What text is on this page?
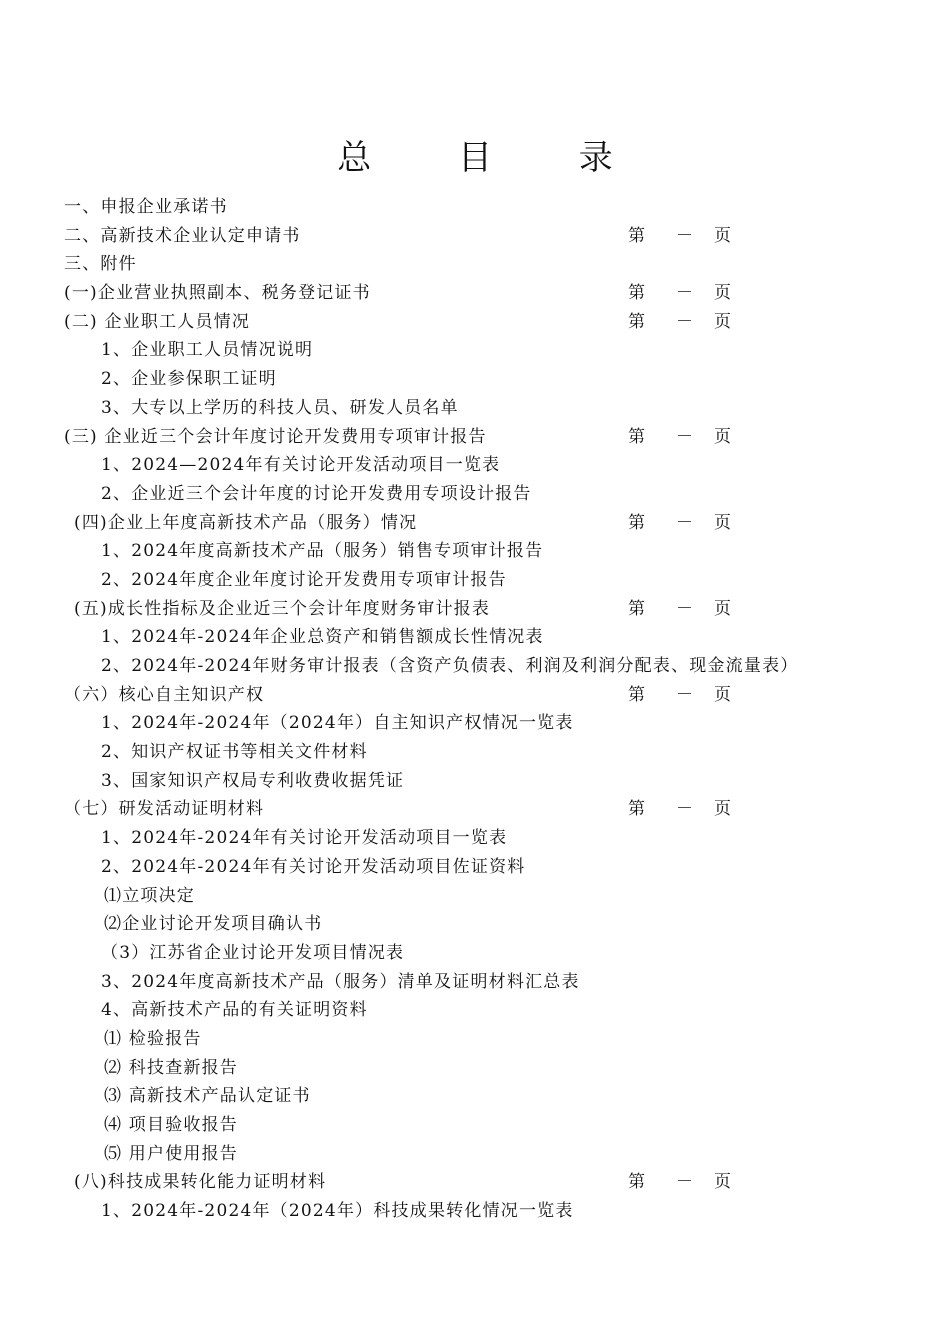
总 目 录
一、申报企业承诺书
二、高新技术企业认定申请书	第 － 页
三、附件
(一)企业营业执照副本、税务登记证书	第 － 页
(二) 企业职工人员情况	第 － 页
1、企业职工人员情况说明
2、企业参保职工证明
3、大专以上学历的科技人员、研发人员名单
(三) 企业近三个会计年度讨论开发费用专项审计报告	第 － 页
1、2024—2024年有关讨论开发活动项目一览表
2、企业近三个会计年度的讨论开发费用专项设计报告
(四)企业上年度高新技术产品（服务）情况	第 － 页
1、2024年度高新技术产品（服务）销售专项审计报告
2、2024年度企业年度讨论开发费用专项审计报告
(五)成长性指标及企业近三个会计年度财务审计报表	第 － 页
1、2024年-2024年企业总资产和销售额成长性情况表
2、2024年-2024年财务审计报表（含资产负债表、利润及利润分配表、现金流量表）
（六）核心自主知识产权	第 － 页
1、2024年-2024年（2024年）自主知识产权情况一览表
2、知识产权证书等相关文件材料
3、国家知识产权局专利收费收据凭证
（七）研发活动证明材料	第 － 页
1、2024年-2024年有关讨论开发活动项目一览表
2、2024年-2024年有关讨论开发活动项目佐证资料
⑴立项决定
⑵企业讨论开发项目确认书
（3）江苏省企业讨论开发项目情况表
3、2024年度高新技术产品（服务）清单及证明材料汇总表
4、高新技术产品的有关证明资料
⑴ 检验报告
⑵ 科技查新报告
⑶ 高新技术产品认定证书
⑷ 项目验收报告
⑸ 用户使用报告
(八)科技成果转化能力证明材料	第 － 页
1、2024年-2024年（2024年）科技成果转化情况一览表
